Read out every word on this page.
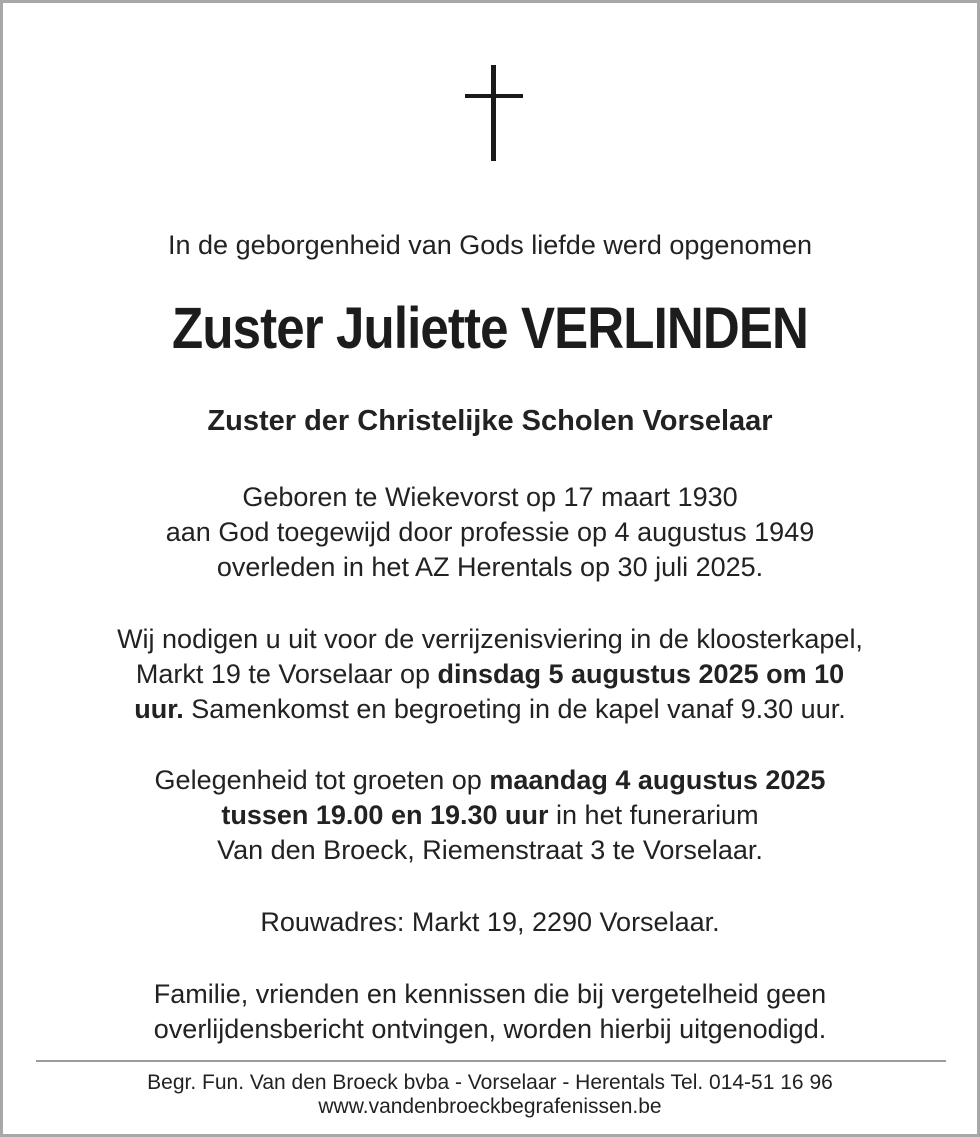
In de geborgenheid van Gods liefde werd opgenomen
Zuster Juliette VERLINDEN
Zuster der Christelijke Scholen Vorselaar
Geboren te Wiekevorst op 17 maart 1930
aan God toegewijd door professie op 4 augustus 1949
overleden in het AZ Herentals op 30 juli 2025.
Wij nodigen u uit voor de verrijzenisviering in de kloosterkapel,
Markt 19 te Vorselaar op dinsdag 5 augustus 2025 om 10
uur. Samenkomst en begroeting in de kapel vanaf 9.30 uur.
Gelegenheid tot groeten op maandag 4 augustus 2025
tussen 19.00 en 19.30 uur in het funerarium
Van den Broeck, Riemenstraat 3 te Vorselaar.
Rouwadres: Markt 19, 2290 Vorselaar.
Familie, vrienden en kennissen die bij vergetelheid geen
overlijdensbericht ontvingen, worden hierbij uitgenodigd.
Begr. Fun. Van den Broeck bvba - Vorselaar - Herentals Tel. 014-51 16 96
www.vandenbroeckbegrafenissen.be
